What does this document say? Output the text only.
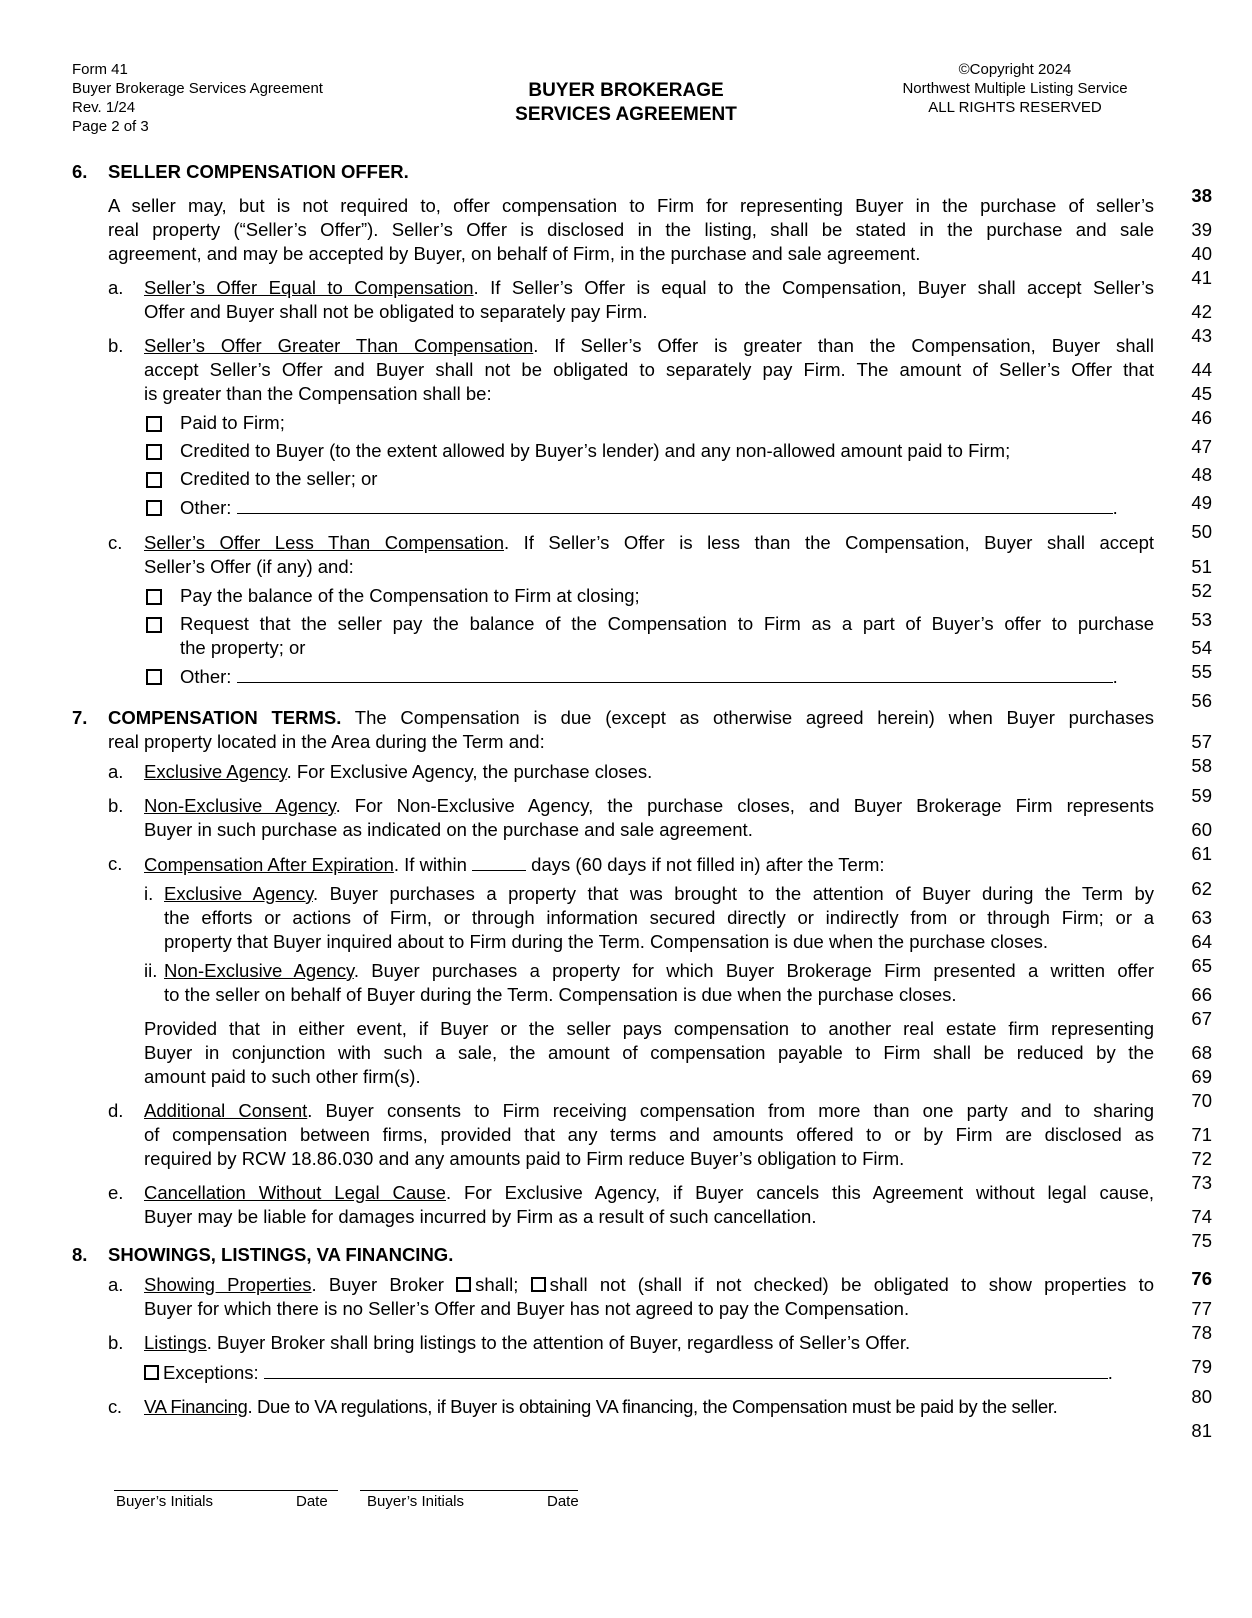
Form 41
Buyer Brokerage Services Agreement
Rev. 1/24
Page 2 of 3
BUYER BROKERAGE
SERVICES AGREEMENT
©Copyright 2024
Northwest Multiple Listing Service
ALL RIGHTS RESERVED
6. SELLER COMPENSATION OFFER.
38
A seller may, but is not required to, offer compensation to Firm for representing Buyer in the purchase of seller’s
39
real property (“Seller’s Offer”). Seller’s Offer is disclosed in the listing, shall be stated in the purchase and sale
40
agreement, and may be accepted by Buyer, on behalf of Firm, in the purchase and sale agreement.
41
a. Seller’s Offer Equal to Compensation. If Seller’s Offer is equal to the Compensation, Buyer shall accept Seller’s
42
Offer and Buyer shall not be obligated to separately pay Firm.
43
b. Seller’s Offer Greater Than Compensation. If Seller’s Offer is greater than the Compensation, Buyer shall
44
accept Seller’s Offer and Buyer shall not be obligated to separately pay Firm. The amount of Seller’s Offer that
45
is greater than the Compensation shall be:
46
Paid to Firm;
47
Credited to Buyer (to the extent allowed by Buyer’s lender) and any non-allowed amount paid to Firm;
48
Credited to the seller; or
49
Other:	.
50
c. Seller’s Offer Less Than Compensation. If Seller’s Offer is less than the Compensation, Buyer shall accept
51
Seller’s Offer (if any) and:
52
Pay the balance of the Compensation to Firm at closing;
53
Request that the seller pay the balance of the Compensation to Firm as a part of Buyer’s offer to purchase
54
the property; or
55
Other:	.
56
7. COMPENSATION TERMS. The Compensation is due (except as otherwise agreed herein) when Buyer purchases
57
real property located in the Area during the Term and:
58
a. Exclusive Agency. For Exclusive Agency, the purchase closes.
59
b. Non-Exclusive Agency. For Non-Exclusive Agency, the purchase closes, and Buyer Brokerage Firm represents
60
Buyer in such purchase as indicated on the purchase and sale agreement.
61
c. Compensation After Expiration. If within	days (60 days if not filled in) after the Term:
62
i. Exclusive Agency. Buyer purchases a property that was brought to the attention of Buyer during the Term by
63
the efforts or actions of Firm, or through information secured directly or indirectly from or through Firm; or a
64
property that Buyer inquired about to Firm during the Term. Compensation is due when the purchase closes.
65
ii. Non-Exclusive Agency. Buyer purchases a property for which Buyer Brokerage Firm presented a written offer
66
to the seller on behalf of Buyer during the Term. Compensation is due when the purchase closes.
67
Provided that in either event, if Buyer or the seller pays compensation to another real estate firm representing
68
Buyer in conjunction with such a sale, the amount of compensation payable to Firm shall be reduced by the
69
amount paid to such other firm(s).
70
d. Additional Consent. Buyer consents to Firm receiving compensation from more than one party and to sharing
71
of compensation between firms, provided that any terms and amounts offered to or by Firm are disclosed as
72
required by RCW 18.86.030 and any amounts paid to Firm reduce Buyer’s obligation to Firm.
73
e. Cancellation Without Legal Cause. For Exclusive Agency, if Buyer cancels this Agreement without legal cause,
74
Buyer may be liable for damages incurred by Firm as a result of such cancellation.
75
8. SHOWINGS, LISTINGS, VA FINANCING.
76
a. Showing Properties. Buyer Broker shall; shall not (shall if not checked) be obligated to show properties to
77
Buyer for which there is no Seller’s Offer and Buyer has not agreed to pay the Compensation.
78
b. Listings. Buyer Broker shall bring listings to the attention of Buyer, regardless of Seller’s Offer.
79
Exceptions:	.
80
c. VA Financing. Due to VA regulations, if Buyer is obtaining VA financing, the Compensation must be paid by the seller.
81
Buyer’s Initials	Date	Buyer’s Initials	Date
